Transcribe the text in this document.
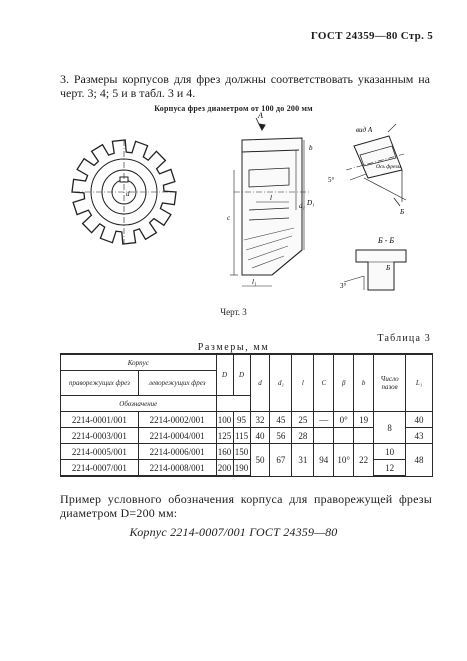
ГОСТ 24359—80 Стр. 5
3. Размеры корпусов для фрез должны соответствовать указанным на черт. 3; 4; 5 и в табл. 3 и 4.
Корпуса фрез диаметром от 100 до 200 мм
d
A
b
d₁ D₁
l
c
l₁
вид A
Ось фрезы
5°
Б
Б - Б
3°
Б
Черт. 3
Таблица 3
Размеры, мм
Корпус		D	D	d	d₁	l	C	β	b	Число пазов	L₁
праворежущих фрез	леворежущих фрез										
Обозначение											
2214-0001/001	2214-0002/001	100	95	32	45	25	—	0°	19	8	40
2214-0003/001	2214-0004/001	125	115	40	56	28					43
2214-0005/001	2214-0006/001	160	150	50	67	31	94	10°	22	10	48
2214-0007/001	2214-0008/001	200	190							12	
Пример условного обозначения корпуса для праворежущей фрезы диаметром D=200 мм:
Корпус 2214-0007/001 ГОСТ 24359—80
